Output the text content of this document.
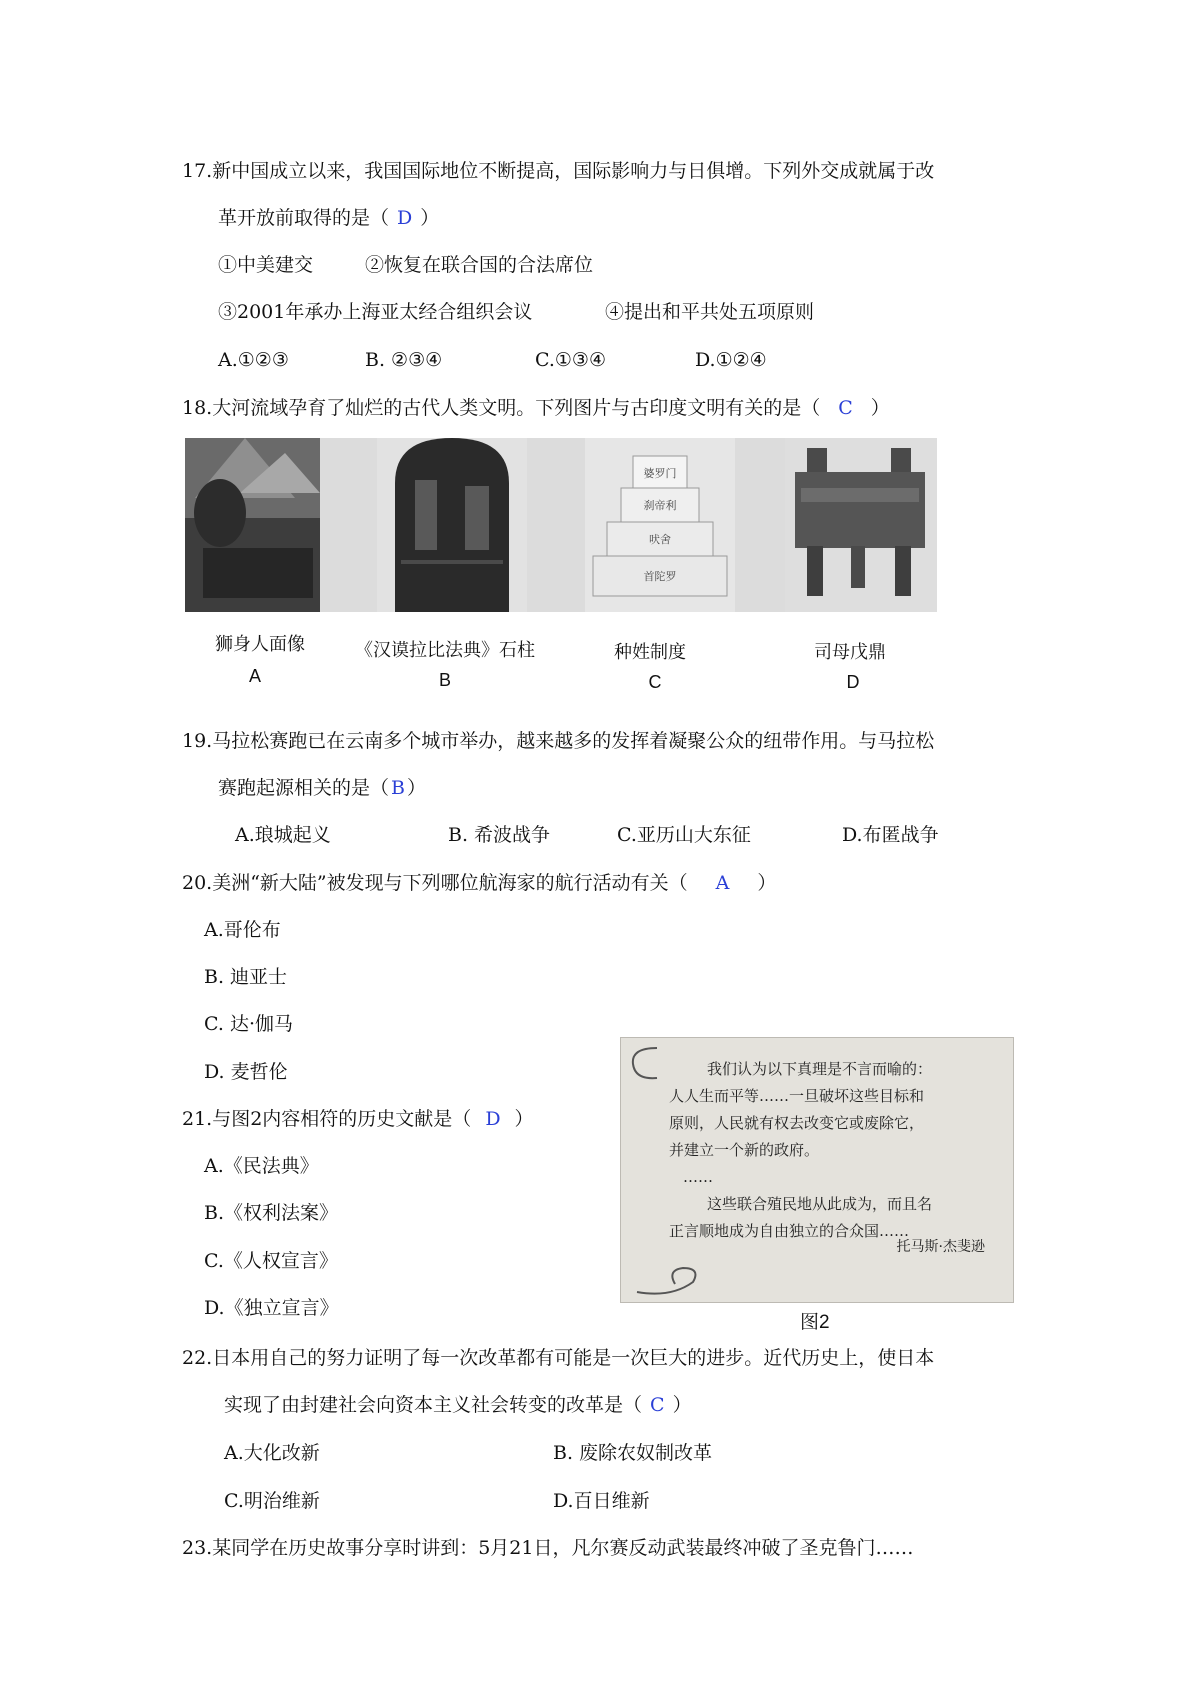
17.新中国成立以来，我国国际地位不断提高，国际影响力与日俱增。下列外交成就属于改
革开放前取得的是（ D ）
①中美建交	②恢复在联合国的合法席位
③2001年承办上海亚太经合组织会议	④提出和平共处五项原则
A.①②③	B. ②③④	C.①③④	D.①②④
18.大河流域孕育了灿烂的古代人类文明。下列图片与古印度文明有关的是（ C ）
婆罗门
刹帝利
吠舍
首陀罗
狮身人面像	《汉谟拉比法典》石柱	种姓制度	司母戊鼎
A	B	C	D
19.马拉松赛跑已在云南多个城市举办，越来越多的发挥着凝聚公众的纽带作用。与马拉松
赛跑起源相关的是（ B ）
A.琅城起义	B. 希波战争	C.亚历山大东征	D.布匿战争
20.美洲“新大陆”被发现与下列哪位航海家的航行活动有关（ A ）
A.哥伦布
B. 迪亚士
C. 达·伽马
D. 麦哲伦
21.与图2内容相符的历史文献是（ D ）
A.《民法典》
B.《权利法案》
C.《人权宣言》
D.《独立宣言》
我们认为以下真理是不言而喻的：
人人生而平等……一旦破坏这些目标和
原则，人民就有权去改变它或废除它，
并建立一个新的政府。
……
这些联合殖民地从此成为，而且名
正言顺地成为自由独立的合众国……
托马斯·杰斐逊
图2
22.日本用自己的努力证明了每一次改革都有可能是一次巨大的进步。近代历史上，使日本
实现了由封建社会向资本主义社会转变的改革是（ C ）
A.大化改新	B. 废除农奴制改革
C.明治维新	D.百日维新
23.某同学在历史故事分享时讲到：5月21日，凡尔赛反动武装最终冲破了圣克鲁门……
